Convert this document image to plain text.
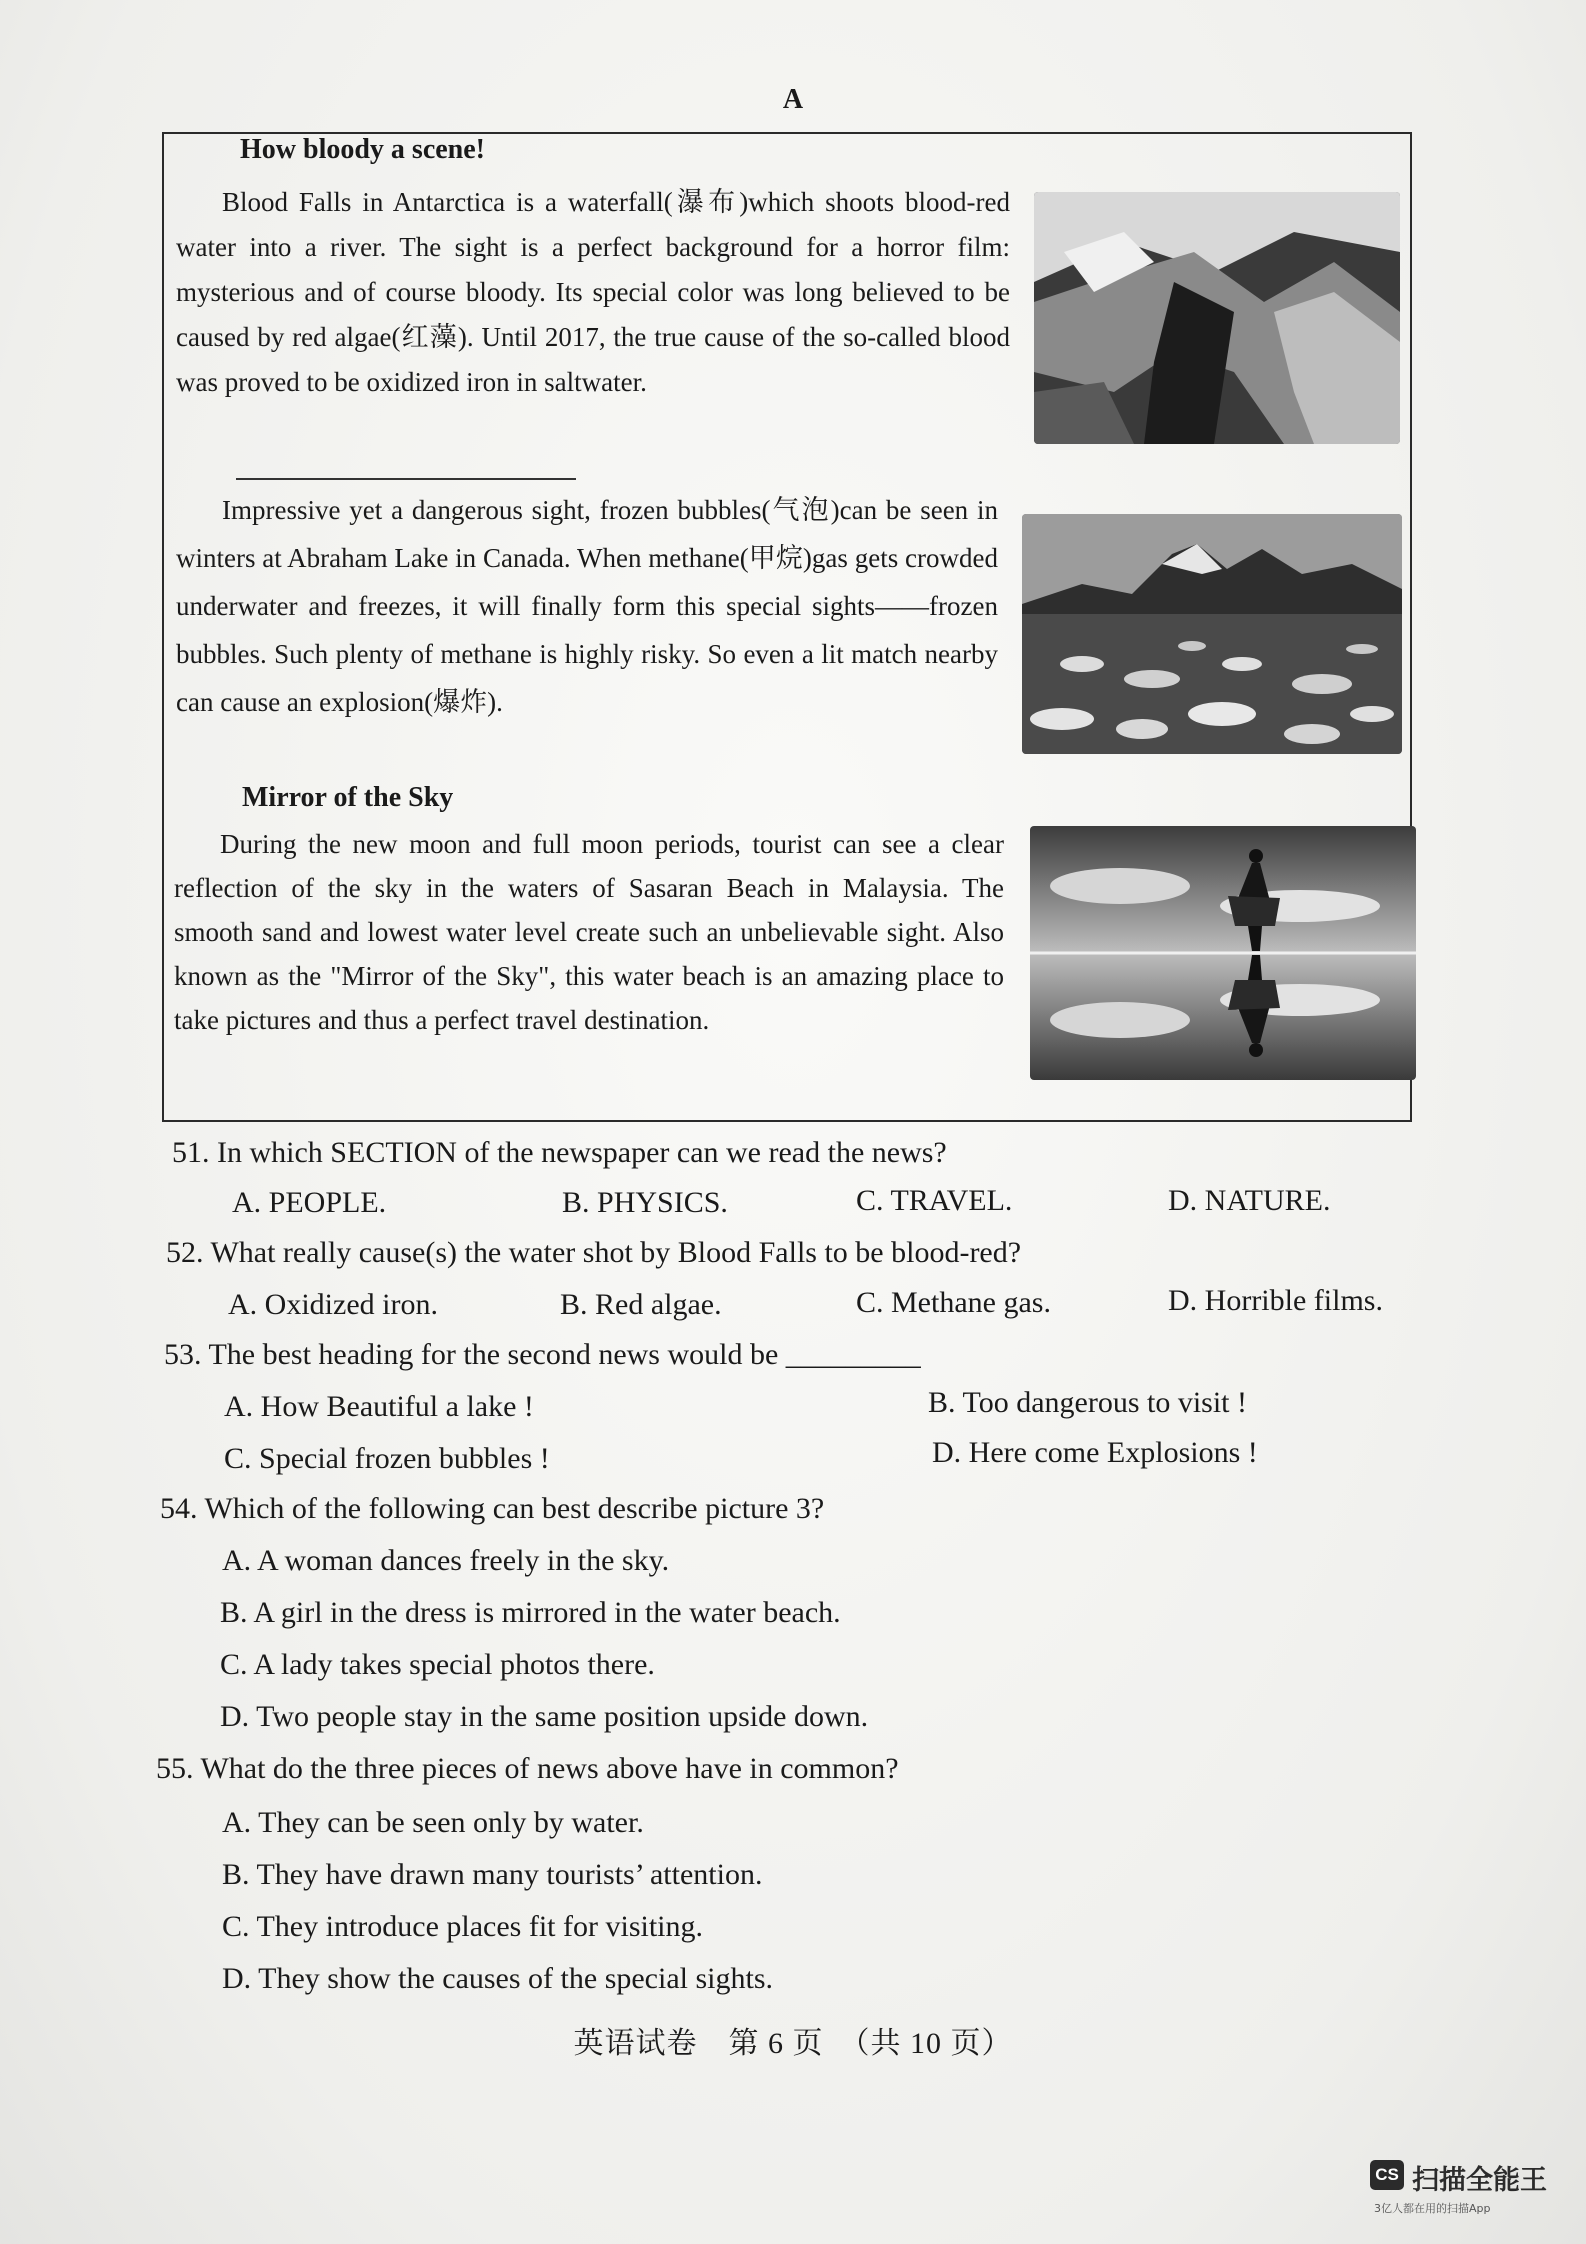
A
How bloody a scene!

Blood Falls in Antarctica is a waterfall(瀑布)which shoots blood-red water into a river. The sight is a perfect background for a horror film: mysterious and of course bloody. Its special color was long believed to be caused by red algae(红藻). Until 2017, the true cause of the so-called blood was proved to be oxidized iron in saltwater.

Impressive yet a dangerous sight, frozen bubbles(气泡)can be seen in winters at Abraham Lake in Canada. When methane(甲烷)gas gets crowded underwater and freezes, it will finally form this special sights——frozen bubbles. Such plenty of methane is highly risky. So even a lit match nearby can cause an explosion(爆炸).

Mirror of the Sky

During the new moon and full moon periods, tourist can see a clear reflection of the sky in the waters of Sasaran Beach in Malaysia. The smooth sand and lowest water level create such an unbelievable sight. Also known as the "Mirror of the Sky", this water beach is an amazing place to take pictures and thus a perfect travel destination.

51. In which SECTION of the newspaper can we read the news?
A. PEOPLE.	B. PHYSICS.	C. TRAVEL.	D. NATURE.
52. What really cause(s) the water shot by Blood Falls to be blood-red?
A. Oxidized iron.	B. Red algae.	C. Methane gas.	D. Horrible films.
53. The best heading for the second news would be _________
A. How Beautiful a lake !	B. Too dangerous to visit !
C. Special frozen bubbles !	D. Here come Explosions !
54. Which of the following can best describe picture 3?
A. A woman dances freely in the sky.
B. A girl in the dress is mirrored in the water beach.
C. A lady takes special photos there.
D. Two people stay in the same position upside down.
55. What do the three pieces of news above have in common?
A. They can be seen only by water.
B. They have drawn many tourists’ attention.
C. They introduce places fit for visiting.
D. They show the causes of the special sights.
英语试卷　第 6 页　（共 10 页）
CS 扫描全能王
3亿人都在用的扫描App
